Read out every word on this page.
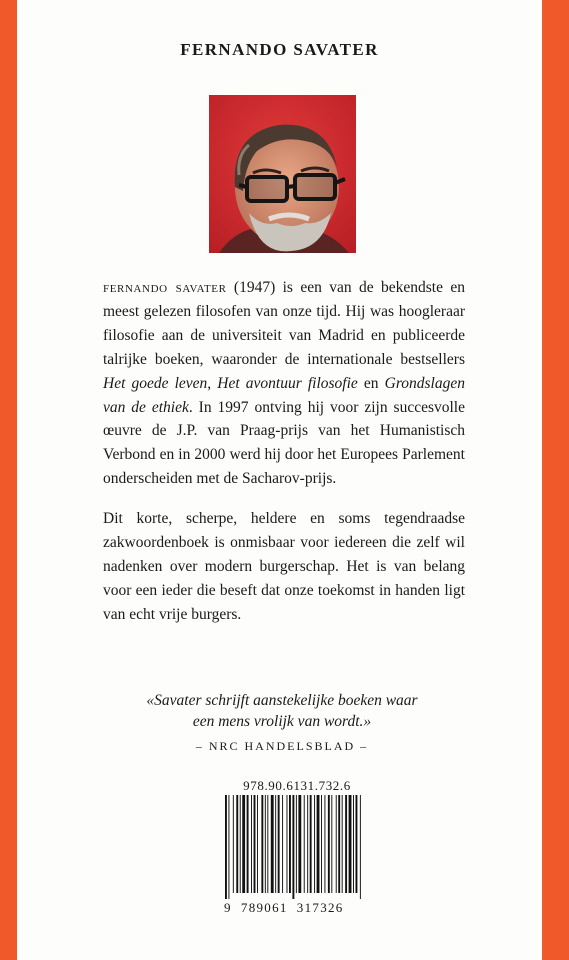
FERNANDO SAVATER

fernando savater (1947) is een van de bekendste en meest gelezen filosofen van onze tijd. Hij was hoogleraar filosofie aan de universiteit van Madrid en publiceerde talrijke boeken, waaronder de internationale bestsellers Het goede leven, Het avontuur filosofie en Grondslagen van de ethiek. In 1997 ontving hij voor zijn succesvolle œuvre de J.P. van Praag-prijs van het Humanistisch Verbond en in 2000 werd hij door het Europees Parlement onderscheiden met de Sacharov-prijs.

Dit korte, scherpe, heldere en soms tegendraadse zakwoordenboek is onmisbaar voor iedereen die zelf wil nadenken over modern burgerschap. Het is van belang voor een ieder die beseft dat onze toekomst in handen ligt van echt vrije burgers.

«Savater schrijft aanstekelijke boeken waar
een mens vrolijk van wordt.»
– NRC HANDELSBLAD –
978.90.6131.732.6
9  789061  317326
